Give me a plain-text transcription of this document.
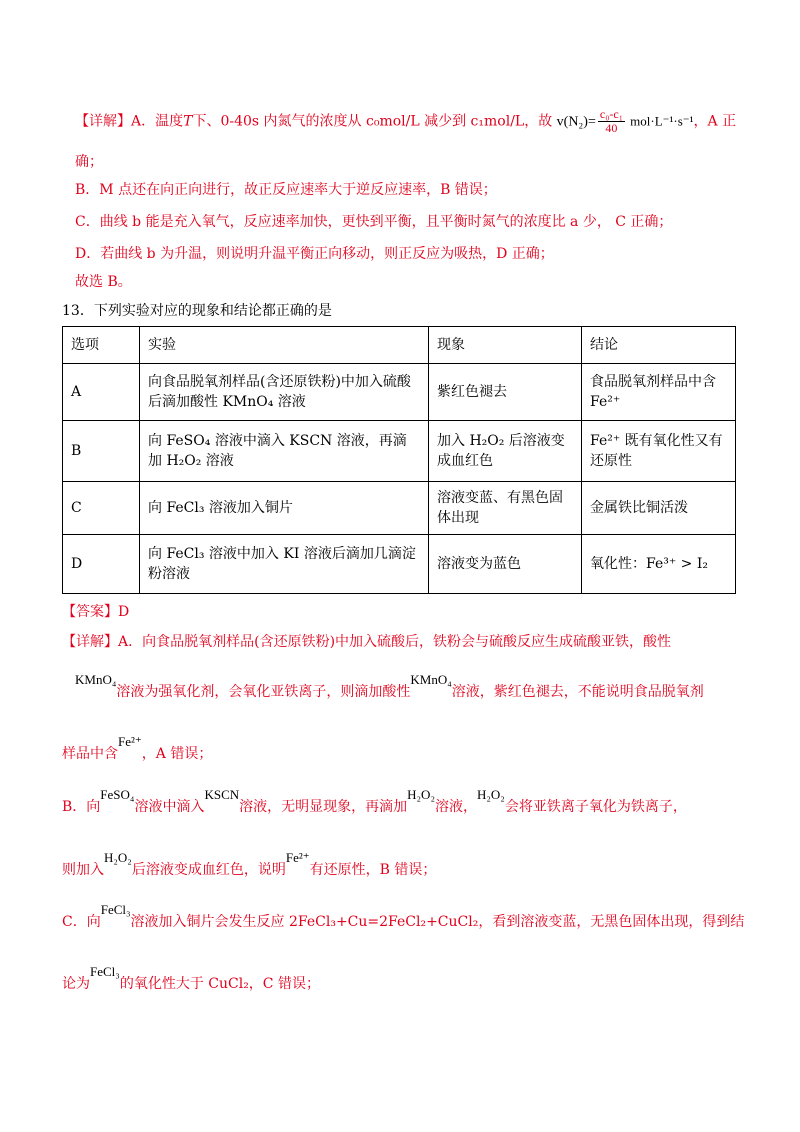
【详解】A．温度T下、0-40s 内氮气的浓度从 c₀mol/L 减少到 c₁mol/L，故 $v(N_2)= \frac{\text{c₀-c₁}}{40} mol\cdot L^{-1}\cdot s^{-1}$，A 正
确；
B．M 点还在向正向进行，故正反应速率大于逆反应速率，B 错误；
C．曲线 b 能是充入氧气，反应速率加快，更快到平衡，且平衡时氮气的浓度比 a 少， C 正确；
D．若曲线 b 为升温，则说明升温平衡正向移动，则正反应为吸热，D 正确；
故选 B。
13．下列实验对应的现象和结论都正确的是
选项	实验	现象	结论
A	向食品脱氧剂样品(含还原铁粉)中加入硫酸后滴加酸性 KMnO₄ 溶液	紫红色褪去	食品脱氧剂样品中含 Fe²⁺
B	向 FeSO₄ 溶液中滴入 KSCN 溶液，再滴加 H₂O₂ 溶液	加入 H₂O₂ 后溶液变成血红色	Fe²⁺ 既有氧化性又有还原性
C	向 FeCl₃ 溶液加入铜片	溶液变蓝、有黑色固体出现	金属铁比铜活泼
D	向 FeCl₃ 溶液中加入 KI 溶液后滴加几滴淀粉溶液	溶液变为蓝色	氧化性：Fe³⁺ > I₂
【答案】D
【详解】A．向食品脱氧剂样品(含还原铁粉)中加入硫酸后，铁粉会与硫酸反应生成硫酸亚铁，酸性
KMnO₄溶液为强氧化剂，会氧化亚铁离子，则滴加酸性KMnO₄溶液，紫红色褪去，不能说明食品脱氧剂
样品中含Fe²⁺，A 错误；
B．向FeSO₄溶液中滴入KSCN溶液，无明显现象，再滴加H₂O₂溶液，H₂O₂会将亚铁离子氧化为铁离子，
则加入H₂O₂后溶液变成血红色，说明Fe²⁺有还原性，B 错误；
C．向FeCl₃溶液加入铜片会发生反应 2FeCl₃+Cu=2FeCl₂+CuCl₂，看到溶液变蓝，无黑色固体出现，得到结
论为FeCl₃的氧化性大于 CuCl₂，C 错误；
